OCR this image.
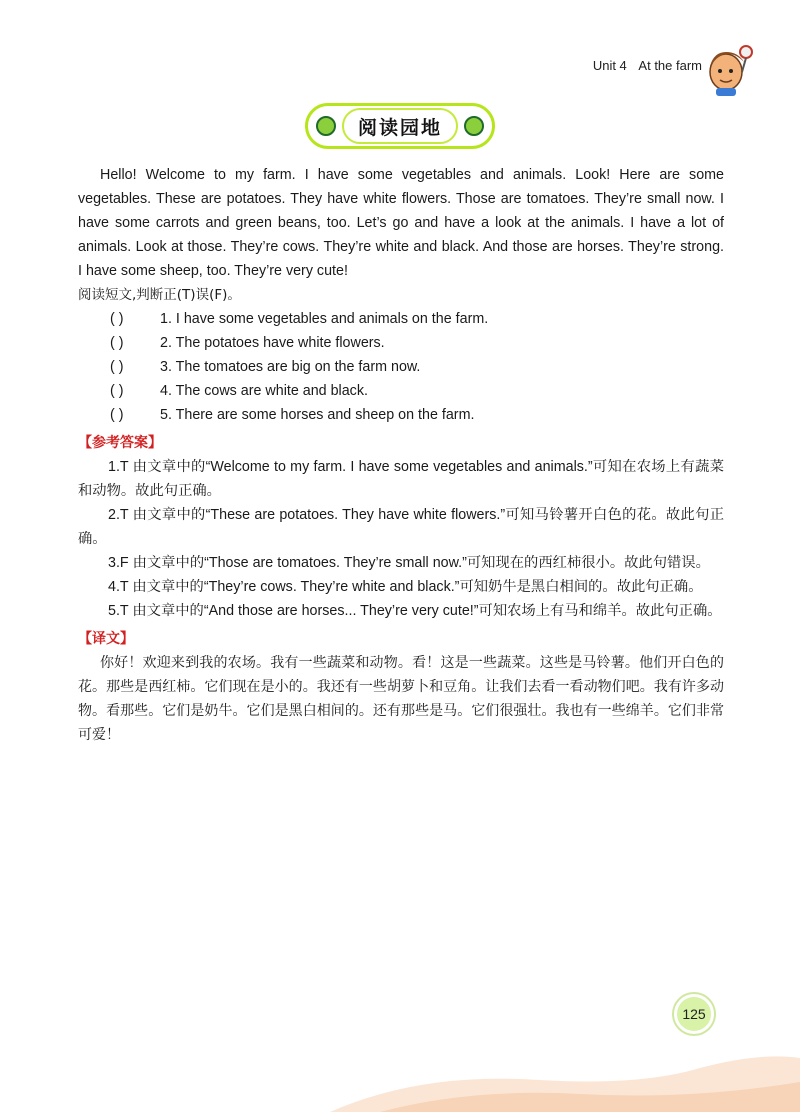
Unit 4 At the farm
阅读园地

Hello! Welcome to my farm. I have some vegetables and animals. Look! Here are some vegetables. These are potatoes. They have white flowers. Those are tomatoes. They’re small now. I have some carrots and green beans, too. Let’s go and have a look at the animals. I have a lot of animals. Look at those. They’re cows. They’re white and black. And those are horses. They’re strong. I have some sheep, too. They’re very cute!

阅读短文,判断正(T)误(F)。

( )	1. I have some vegetables and animals on the farm.

( )	2. The potatoes have white flowers.

( )	3. The tomatoes are big on the farm now.

( )	4. The cows are white and black.

( )	5. There are some horses and sheep on the farm.

【参考答案】

1.T 由文章中的“Welcome to my farm. I have some vegetables and animals.”可知在农场上有蔬菜和动物。故此句正确。

2.T 由文章中的“These are potatoes. They have white flowers.”可知马铃薯开白色的花。故此句正确。

3.F 由文章中的“Those are tomatoes. They’re small now.”可知现在的西红柿很小。故此句错误。

4.T 由文章中的“They’re cows. They’re white and black.”可知奶牛是黑白相间的。故此句正确。

5.T 由文章中的“And those are horses... They’re very cute!”可知农场上有马和绵羊。故此句正确。

【译文】

你好！欢迎来到我的农场。我有一些蔬菜和动物。看！这是一些蔬菜。这些是马铃薯。他们开白色的花。那些是西红柿。它们现在是小的。我还有一些胡萝卜和豆角。让我们去看一看动物们吧。我有许多动物。看那些。它们是奶牛。它们是黑白相间的。还有那些是马。它们很强壮。我也有一些绵羊。它们非常可爱！

125
